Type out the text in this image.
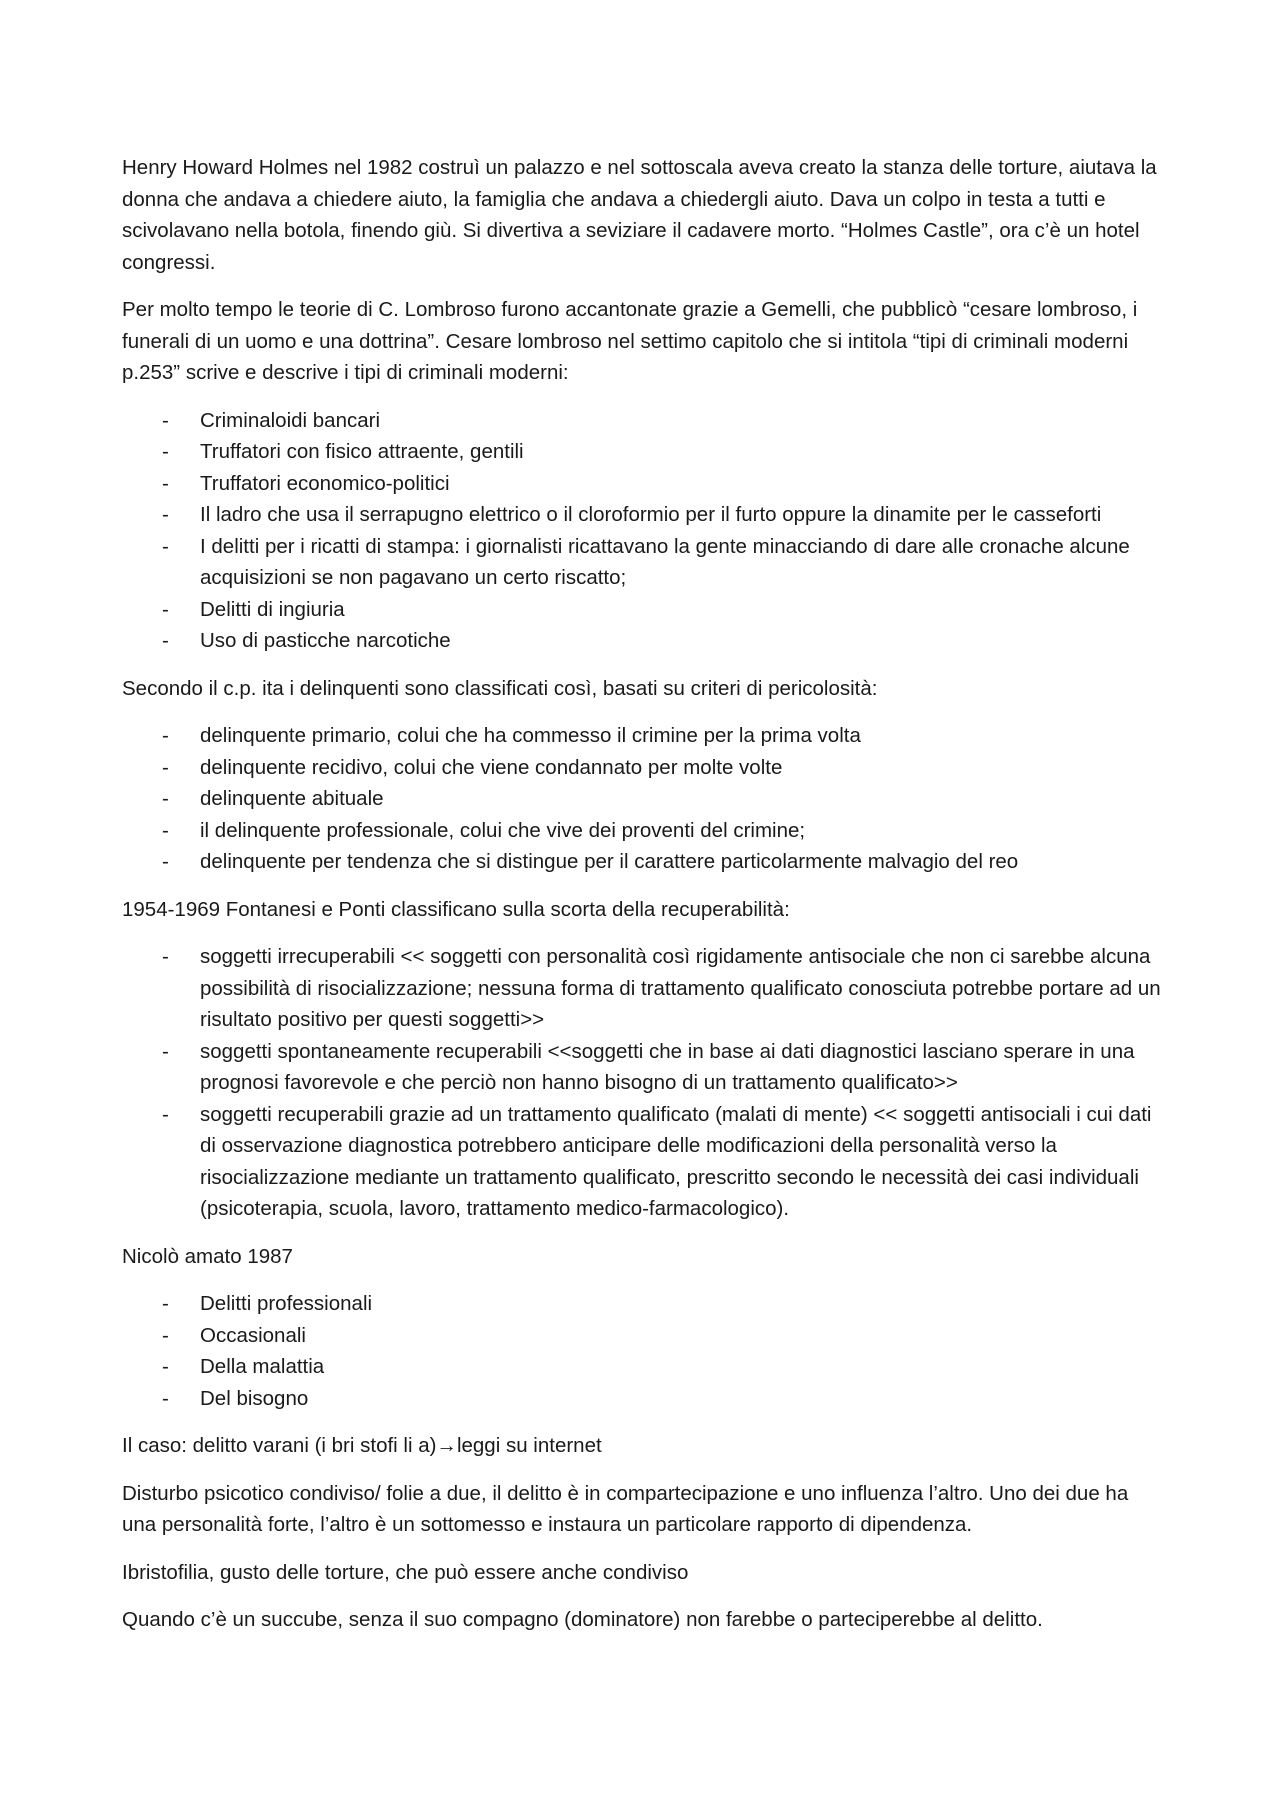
Henry Howard Holmes nel 1982 costruì un palazzo e nel sottoscala aveva creato la stanza delle torture, aiutava la donna che andava a chiedere aiuto, la famiglia che andava a chiedergli aiuto. Dava un colpo in testa a tutti e scivolavano nella botola, finendo giù. Si divertiva a seviziare il cadavere morto. “Holmes Castle”, ora c’è un hotel congressi.

Per molto tempo le teorie di C. Lombroso furono accantonate grazie a Gemelli, che pubblicò “cesare lombroso, i funerali di un uomo e una dottrina”. Cesare lombroso nel settimo capitolo che si intitola “tipi di criminali moderni p.253” scrive e descrive i tipi di criminali moderni:

- Criminaloidi bancari
- Truffatori con fisico attraente, gentili
- Truffatori economico-politici
- Il ladro che usa il serrapugno elettrico o il cloroformio per il furto oppure la dinamite per le casseforti
- I delitti per i ricatti di stampa: i giornalisti ricattavano la gente minacciando di dare alle cronache alcune acquisizioni se non pagavano un certo riscatto;
- Delitti di ingiuria
- Uso di pasticche narcotiche

Secondo il c.p. ita i delinquenti sono classificati così, basati su criteri di pericolosità:

- delinquente primario, colui che ha commesso il crimine per la prima volta
- delinquente recidivo, colui che viene condannato per molte volte
- delinquente abituale
- il delinquente professionale, colui che vive dei proventi del crimine;
- delinquente per tendenza che si distingue per il carattere particolarmente malvagio del reo

1954-1969 Fontanesi e Ponti classificano sulla scorta della recuperabilità:

- soggetti irrecuperabili << soggetti con personalità così rigidamente antisociale che non ci sarebbe alcuna possibilità di risocializzazione; nessuna forma di trattamento qualificato conosciuta potrebbe portare ad un risultato positivo per questi soggetti>>
- soggetti spontaneamente recuperabili <<soggetti che in base ai dati diagnostici lasciano sperare in una prognosi favorevole e che perciò non hanno bisogno di un trattamento qualificato>>
- soggetti recuperabili grazie ad un trattamento qualificato (malati di mente) << soggetti antisociali i cui dati di osservazione diagnostica potrebbero anticipare delle modificazioni della personalità verso la risocializzazione mediante un trattamento qualificato, prescritto secondo le necessità dei casi individuali (psicoterapia, scuola, lavoro, trattamento medico-farmacologico).

Nicolò amato 1987

- Delitti professionali
- Occasionali
- Della malattia
- Del bisogno

Il caso: delitto varani (i bri stofi li a)→leggi su internet

Disturbo psicotico condiviso/ folie a due, il delitto è in compartecipazione e uno influenza l’altro. Uno dei due ha una personalità forte, l’altro è un sottomesso e instaura un particolare rapporto di dipendenza.

Ibristofilia, gusto delle torture, che può essere anche condiviso

Quando c’è un succube, senza il suo compagno (dominatore) non farebbe o parteciperebbe al delitto.
